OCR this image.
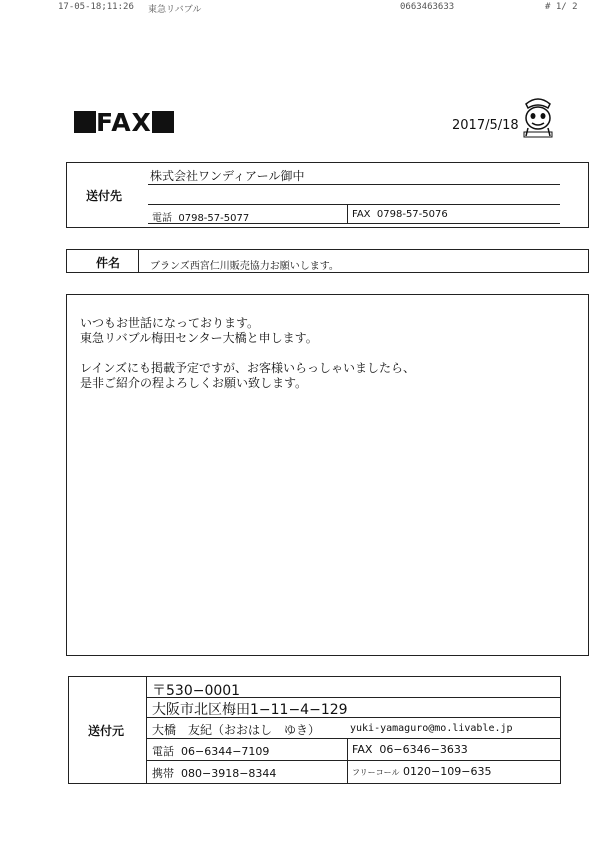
17-05-18;11:26 東急リバブル	0663463633	# 1/ 2
FAX	2017/5/18
送付先
株式会社ワンディアール御中
電話 0798-57-5077	FAX 0798-57-5076
件名	ブランズ西宮仁川販売協力お願いします。
いつもお世話になっております。
東急リバブル梅田センター大橋と申します。
レインズにも掲載予定ですが、お客様いらっしゃいましたら、
是非ご紹介の程よろしくお願い致します。
送付元
〒530−0001
大阪市北区梅田1−11−4−129
大橋　友紀（おおはし　ゆき）	yuki-yamaguro@mo.livable.jp
電話 06−6344−7109	FAX 06−6346−3633
携帯 080−3918−8344	フリーコール 0120−109−635
